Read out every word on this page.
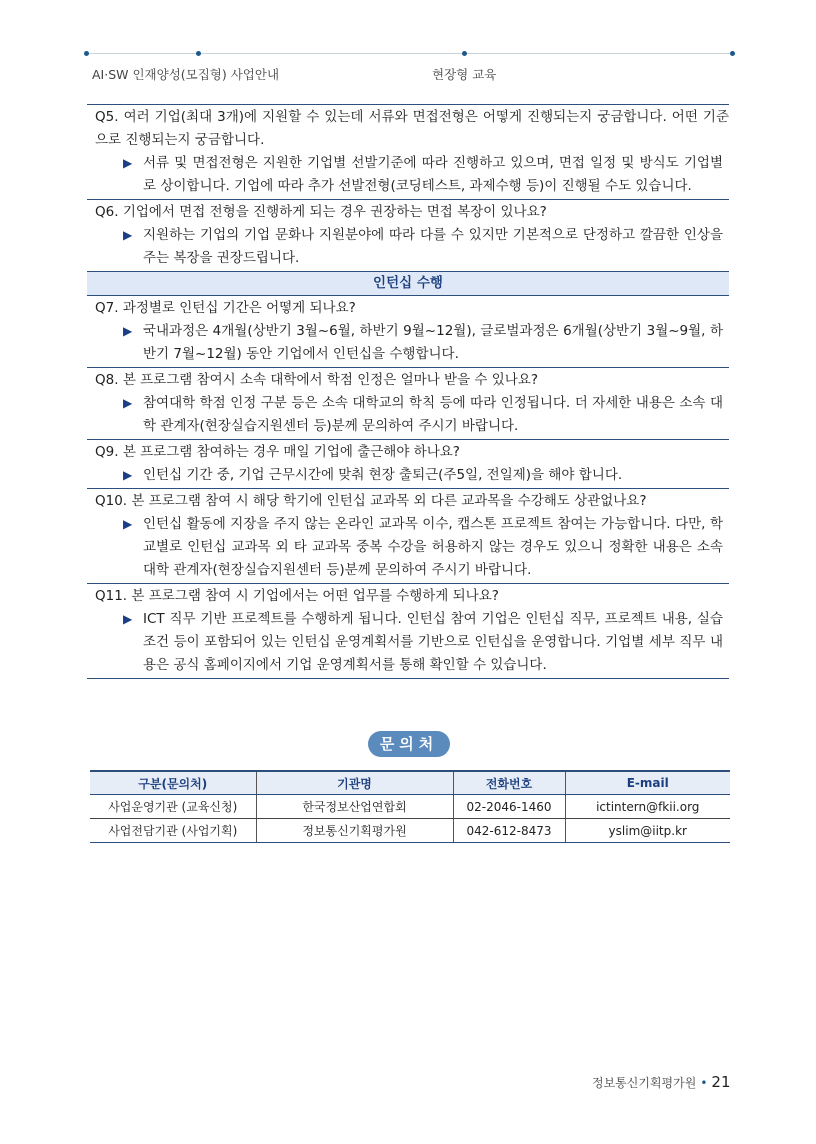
AI·SW 인재양성(모집형) 사업안내	현장형 교육
Q5. 여러 기업(최대 3개)에 지원할 수 있는데 서류와 면접전형은 어떻게 진행되는지 궁금합니다. 어떤 기준으로 진행되는지 궁금합니다.
▶ 서류 및 면접전형은 지원한 기업별 선발기준에 따라 진행하고 있으며, 면접 일정 및 방식도 기업별로 상이합니다. 기업에 따라 추가 선발전형(코딩테스트, 과제수행 등)이 진행될 수도 있습니다.
Q6. 기업에서 면접 전형을 진행하게 되는 경우 권장하는 면접 복장이 있나요?
▶ 지원하는 기업의 기업 문화나 지원분야에 따라 다를 수 있지만 기본적으로 단정하고 깔끔한 인상을 주는 복장을 권장드립니다.
인턴십 수행
Q7. 과정별로 인턴십 기간은 어떻게 되나요?
▶ 국내과정은 4개월(상반기 3월~6월, 하반기 9월~12월), 글로벌과정은 6개월(상반기 3월~9월, 하반기 7월~12월) 동안 기업에서 인턴십을 수행합니다.
Q8. 본 프로그램 참여시 소속 대학에서 학점 인정은 얼마나 받을 수 있나요?
▶ 참여대학 학점 인정 구분 등은 소속 대학교의 학칙 등에 따라 인정됩니다. 더 자세한 내용은 소속 대학 관계자(현장실습지원센터 등)분께 문의하여 주시기 바랍니다.
Q9. 본 프로그램 참여하는 경우 매일 기업에 출근해야 하나요?
▶ 인턴십 기간 중, 기업 근무시간에 맞춰 현장 출퇴근(주5일, 전일제)을 해야 합니다.
Q10. 본 프로그램 참여 시 해당 학기에 인턴십 교과목 외 다른 교과목을 수강해도 상관없나요?
▶ 인턴십 활동에 지장을 주지 않는 온라인 교과목 이수, 캡스톤 프로젝트 참여는 가능합니다. 다만, 학교별로 인턴십 교과목 외 타 교과목 중복 수강을 허용하지 않는 경우도 있으니 정확한 내용은 소속 대학 관계자(현장실습지원센터 등)분께 문의하여 주시기 바랍니다.
Q11. 본 프로그램 참여 시 기업에서는 어떤 업무를 수행하게 되나요?
▶ ICT 직무 기반 프로젝트를 수행하게 됩니다. 인턴십 참여 기업은 인턴십 직무, 프로젝트 내용, 실습조건 등이 포함되어 있는 인턴십 운영계획서를 기반으로 인턴십을 운영합니다. 기업별 세부 직무 내용은 공식 홈페이지에서 기업 운영계획서를 통해 확인할 수 있습니다.
문의처
구분(문의처)	기관명	전화번호	E-mail
사업운영기관 (교육신청)	한국정보산업연합회	02-2046-1460	ictintern@fkii.org
사업전담기관 (사업기획)	정보통신기획평가원	042-612-8473	yslim@iitp.kr
정보통신기획평가원 • 21
